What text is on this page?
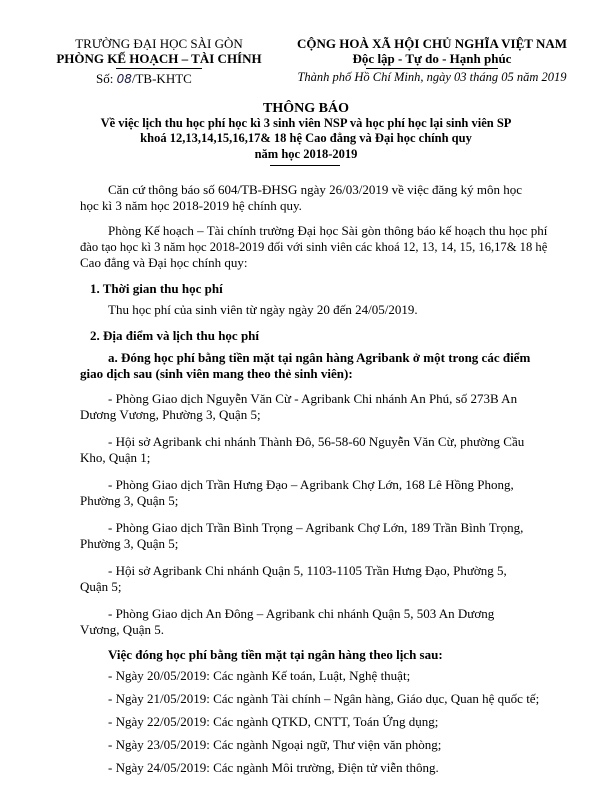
TRƯỜNG ĐẠI HỌC SÀI GÒN
PHÒNG KẾ HOẠCH – TÀI CHÍNH
Số: 08/TB-KHTC
CỘNG HOÀ XÃ HỘI CHỦ NGHĨA VIỆT NAM
Độc lập - Tự do - Hạnh phúc
Thành phố Hồ Chí Minh, ngày 03 tháng 05 năm 2019
THÔNG BÁO
Về việc lịch thu học phí học kì 3 sinh viên NSP và học phí học lại sinh viên SP
khoá 12,13,14,15,16,17& 18 hệ Cao đẳng và Đại học chính quy
năm học 2018-2019
Căn cứ thông báo số 604/TB-ĐHSG ngày 26/03/2019 về việc đăng ký môn học
học kì 3 năm học 2018-2019 hệ chính quy.
Phòng Kế hoạch – Tài chính trường Đại học Sài gòn thông báo kế hoạch thu học phí
đào tạo học kì 3 năm học 2018-2019 đối với sinh viên các khoá 12, 13, 14, 15, 16,17& 18 hệ
Cao đẳng và Đại học chính quy:
1. Thời gian thu học phí
Thu học phí của sinh viên từ ngày ngày 20 đến 24/05/2019.
2. Địa điểm và lịch thu học phí
a. Đóng học phí bằng tiền mặt tại ngân hàng Agribank ở một trong các điểm
giao dịch sau (sinh viên mang theo thẻ sinh viên):
- Phòng Giao dịch Nguyễn Văn Cừ - Agribank Chi nhánh An Phú, số 273B An
Dương Vương, Phường 3, Quận 5;
- Hội sở Agribank chi nhánh Thành Đô, 56-58-60 Nguyễn Văn Cừ, phường Cầu
Kho, Quận 1;
- Phòng Giao dịch Trần Hưng Đạo – Agribank Chợ Lớn, 168 Lê Hồng Phong,
Phường 3, Quận 5;
- Phòng Giao dịch Trần Bình Trọng – Agribank Chợ Lớn, 189 Trần Bình Trọng,
Phường 3, Quận 5;
- Hội sở Agribank Chi nhánh Quận 5, 1103-1105 Trần Hưng Đạo, Phường 5,
Quận 5;
- Phòng Giao dịch An Đông – Agribank chi nhánh Quận 5, 503 An Dương
Vương, Quận 5.
Việc đóng học phí bằng tiền mặt tại ngân hàng theo lịch sau:
- Ngày 20/05/2019: Các ngành Kế toán, Luật, Nghệ thuật;
- Ngày 21/05/2019: Các ngành Tài chính – Ngân hàng, Giáo dục, Quan hệ quốc tế;
- Ngày 22/05/2019: Các ngành QTKD, CNTT, Toán Ứng dụng;
- Ngày 23/05/2019: Các ngành Ngoại ngữ, Thư viện văn phòng;
- Ngày 24/05/2019: Các ngành Môi trường, Điện tử viễn thông.
